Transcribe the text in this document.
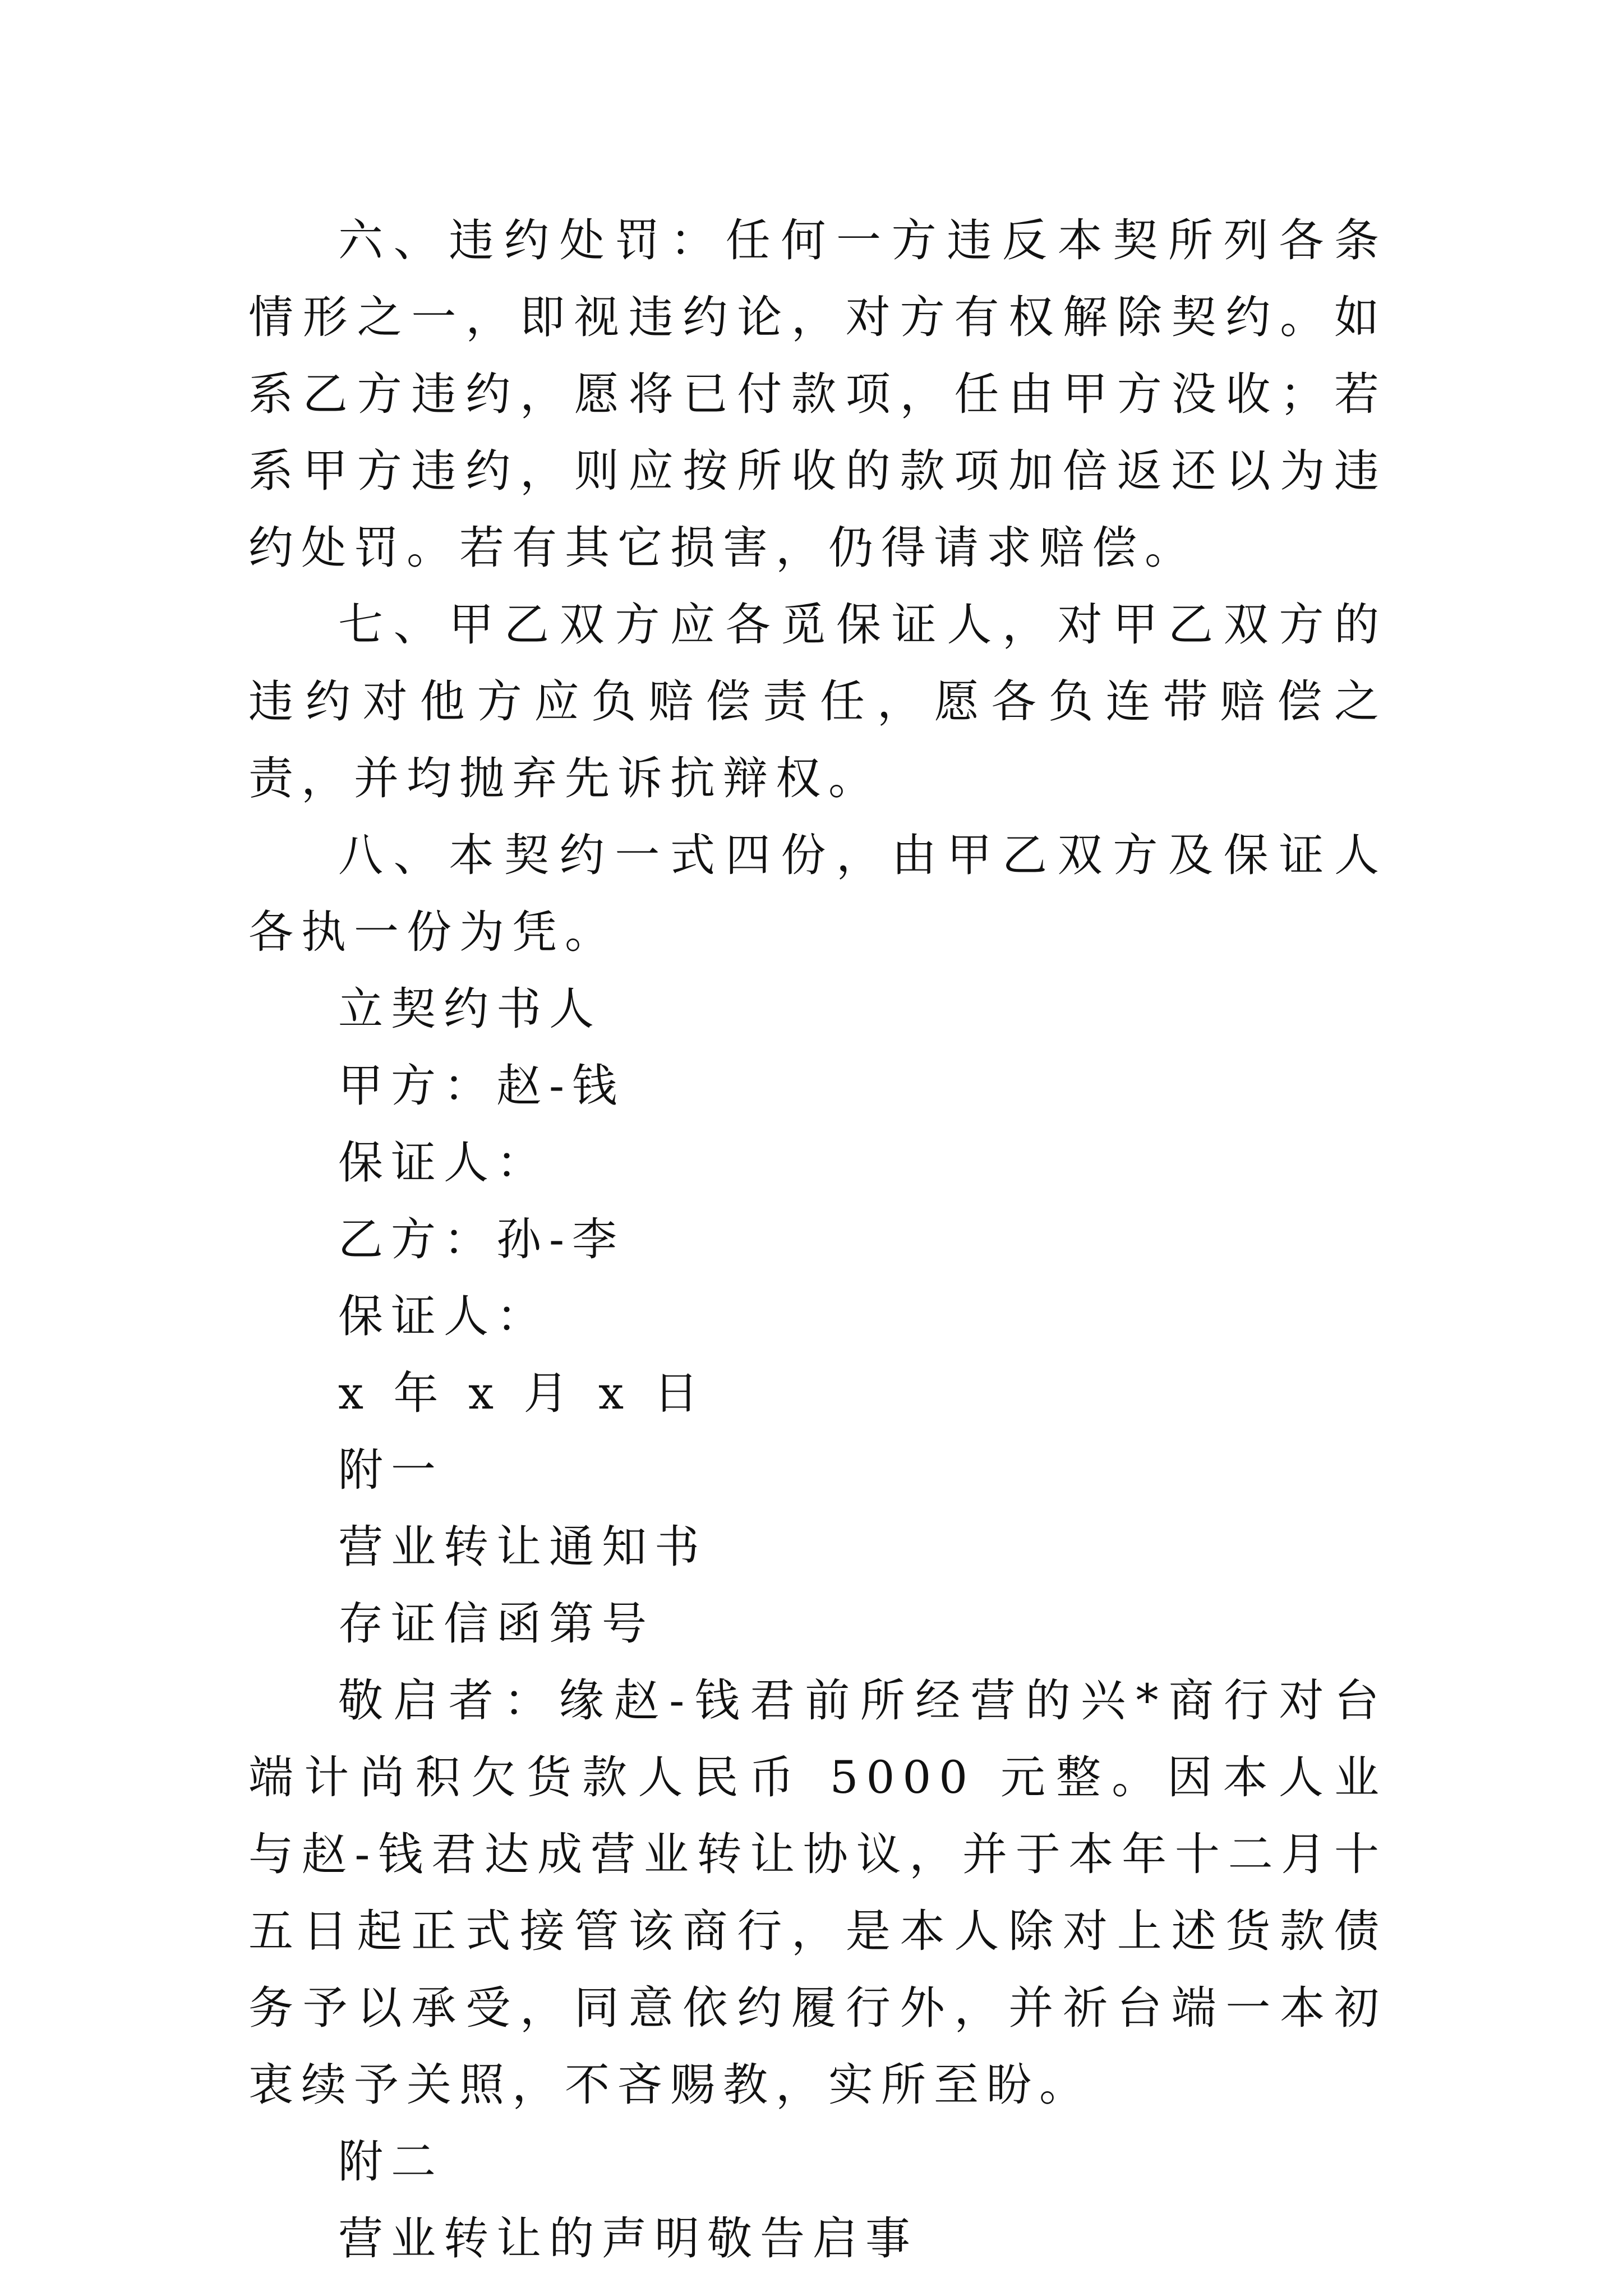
六、违约处罚：任何一方违反本契所列各条情形之一，即视违约论，对方有权解除契约。如系乙方违约，愿将已付款项，任由甲方没收；若系甲方违约，则应按所收的款项加倍返还以为违约处罚。若有其它损害，仍得请求赔偿。

七、甲乙双方应各觅保证人，对甲乙双方的违约对他方应负赔偿责任，愿各负连带赔偿之责，并均抛弃先诉抗辩权。

八、本契约一式四份，由甲乙双方及保证人各执一份为凭。

立契约书人

甲方：赵-钱

保证人：

乙方：孙-李

保证人：

x 年 x 月 x 日

附一

营业转让通知书

存证信函第号

敬启者：缘赵-钱君前所经营的兴*商行对台端计尚积欠货款人民币 5000 元整。因本人业与赵-钱君达成营业转让协议，并于本年十二月十五日起正式接管该商行，是本人除对上述货款债务予以承受，同意依约履行外，并祈台端一本初衷续予关照，不吝赐教，实所至盼。

附二

营业转让的声明敬告启事
